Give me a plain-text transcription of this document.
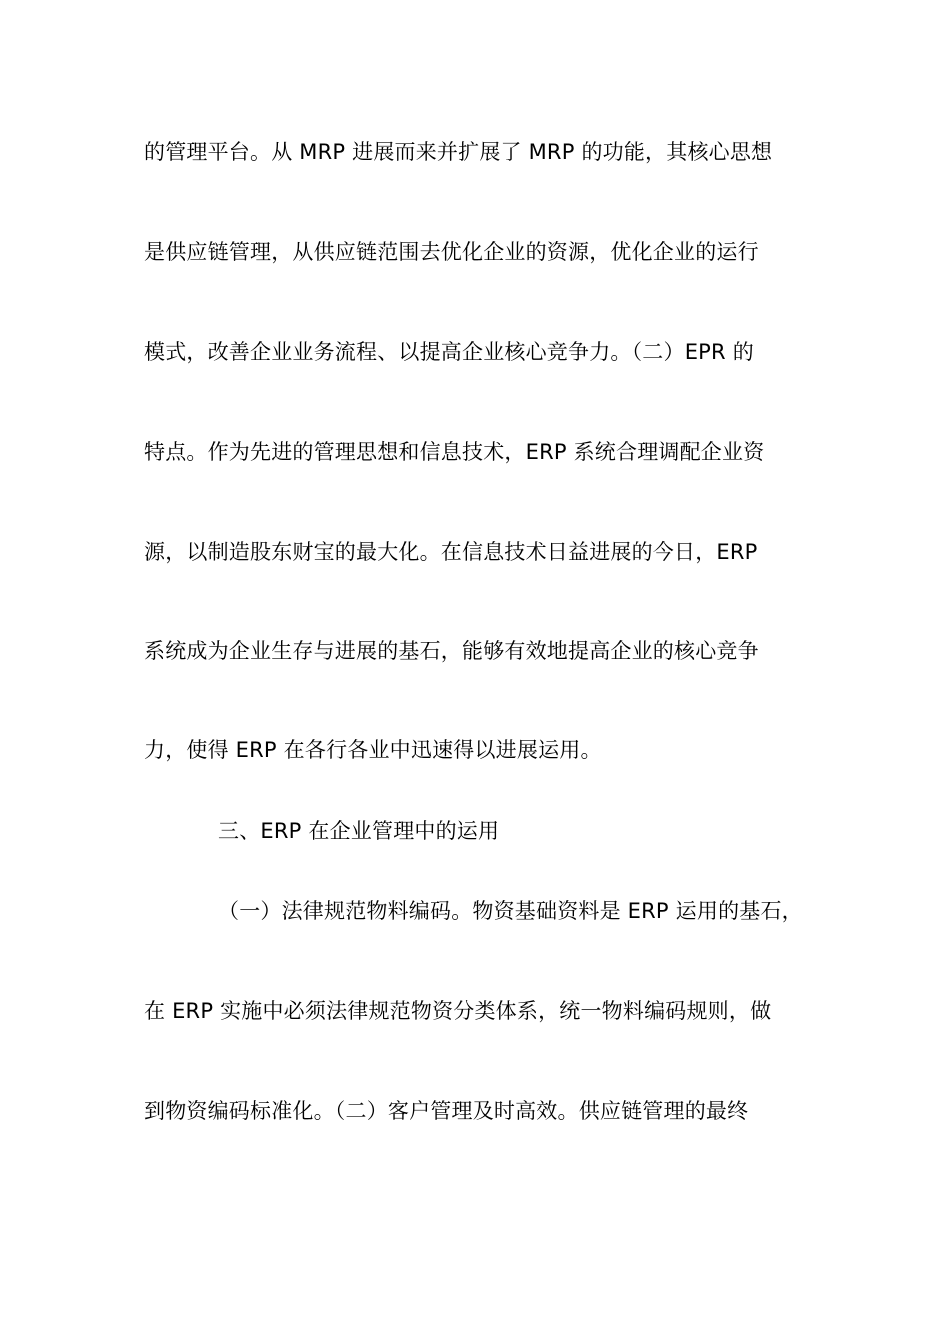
的管理平台。从 MRP 进展而来并扩展了 MRP 的功能，其核心思想
是供应链管理，从供应链范围去优化企业的资源，优化企业的运行
模式，改善企业业务流程、以提高企业核心竞争力。（二）EPR 的
特点。作为先进的管理思想和信息技术，ERP 系统合理调配企业资
源，以制造股东财宝的最大化。在信息技术日益进展的今日，ERP
系统成为企业生存与进展的基石，能够有效地提高企业的核心竞争
力，使得 ERP 在各行各业中迅速得以进展运用。
三、ERP 在企业管理中的运用
（一）法律规范物料编码。物资基础资料是 ERP 运用的基石，
在 ERP 实施中必须法律规范物资分类体系，统一物料编码规则，做
到物资编码标准化。（二）客户管理及时高效。供应链管理的最终
